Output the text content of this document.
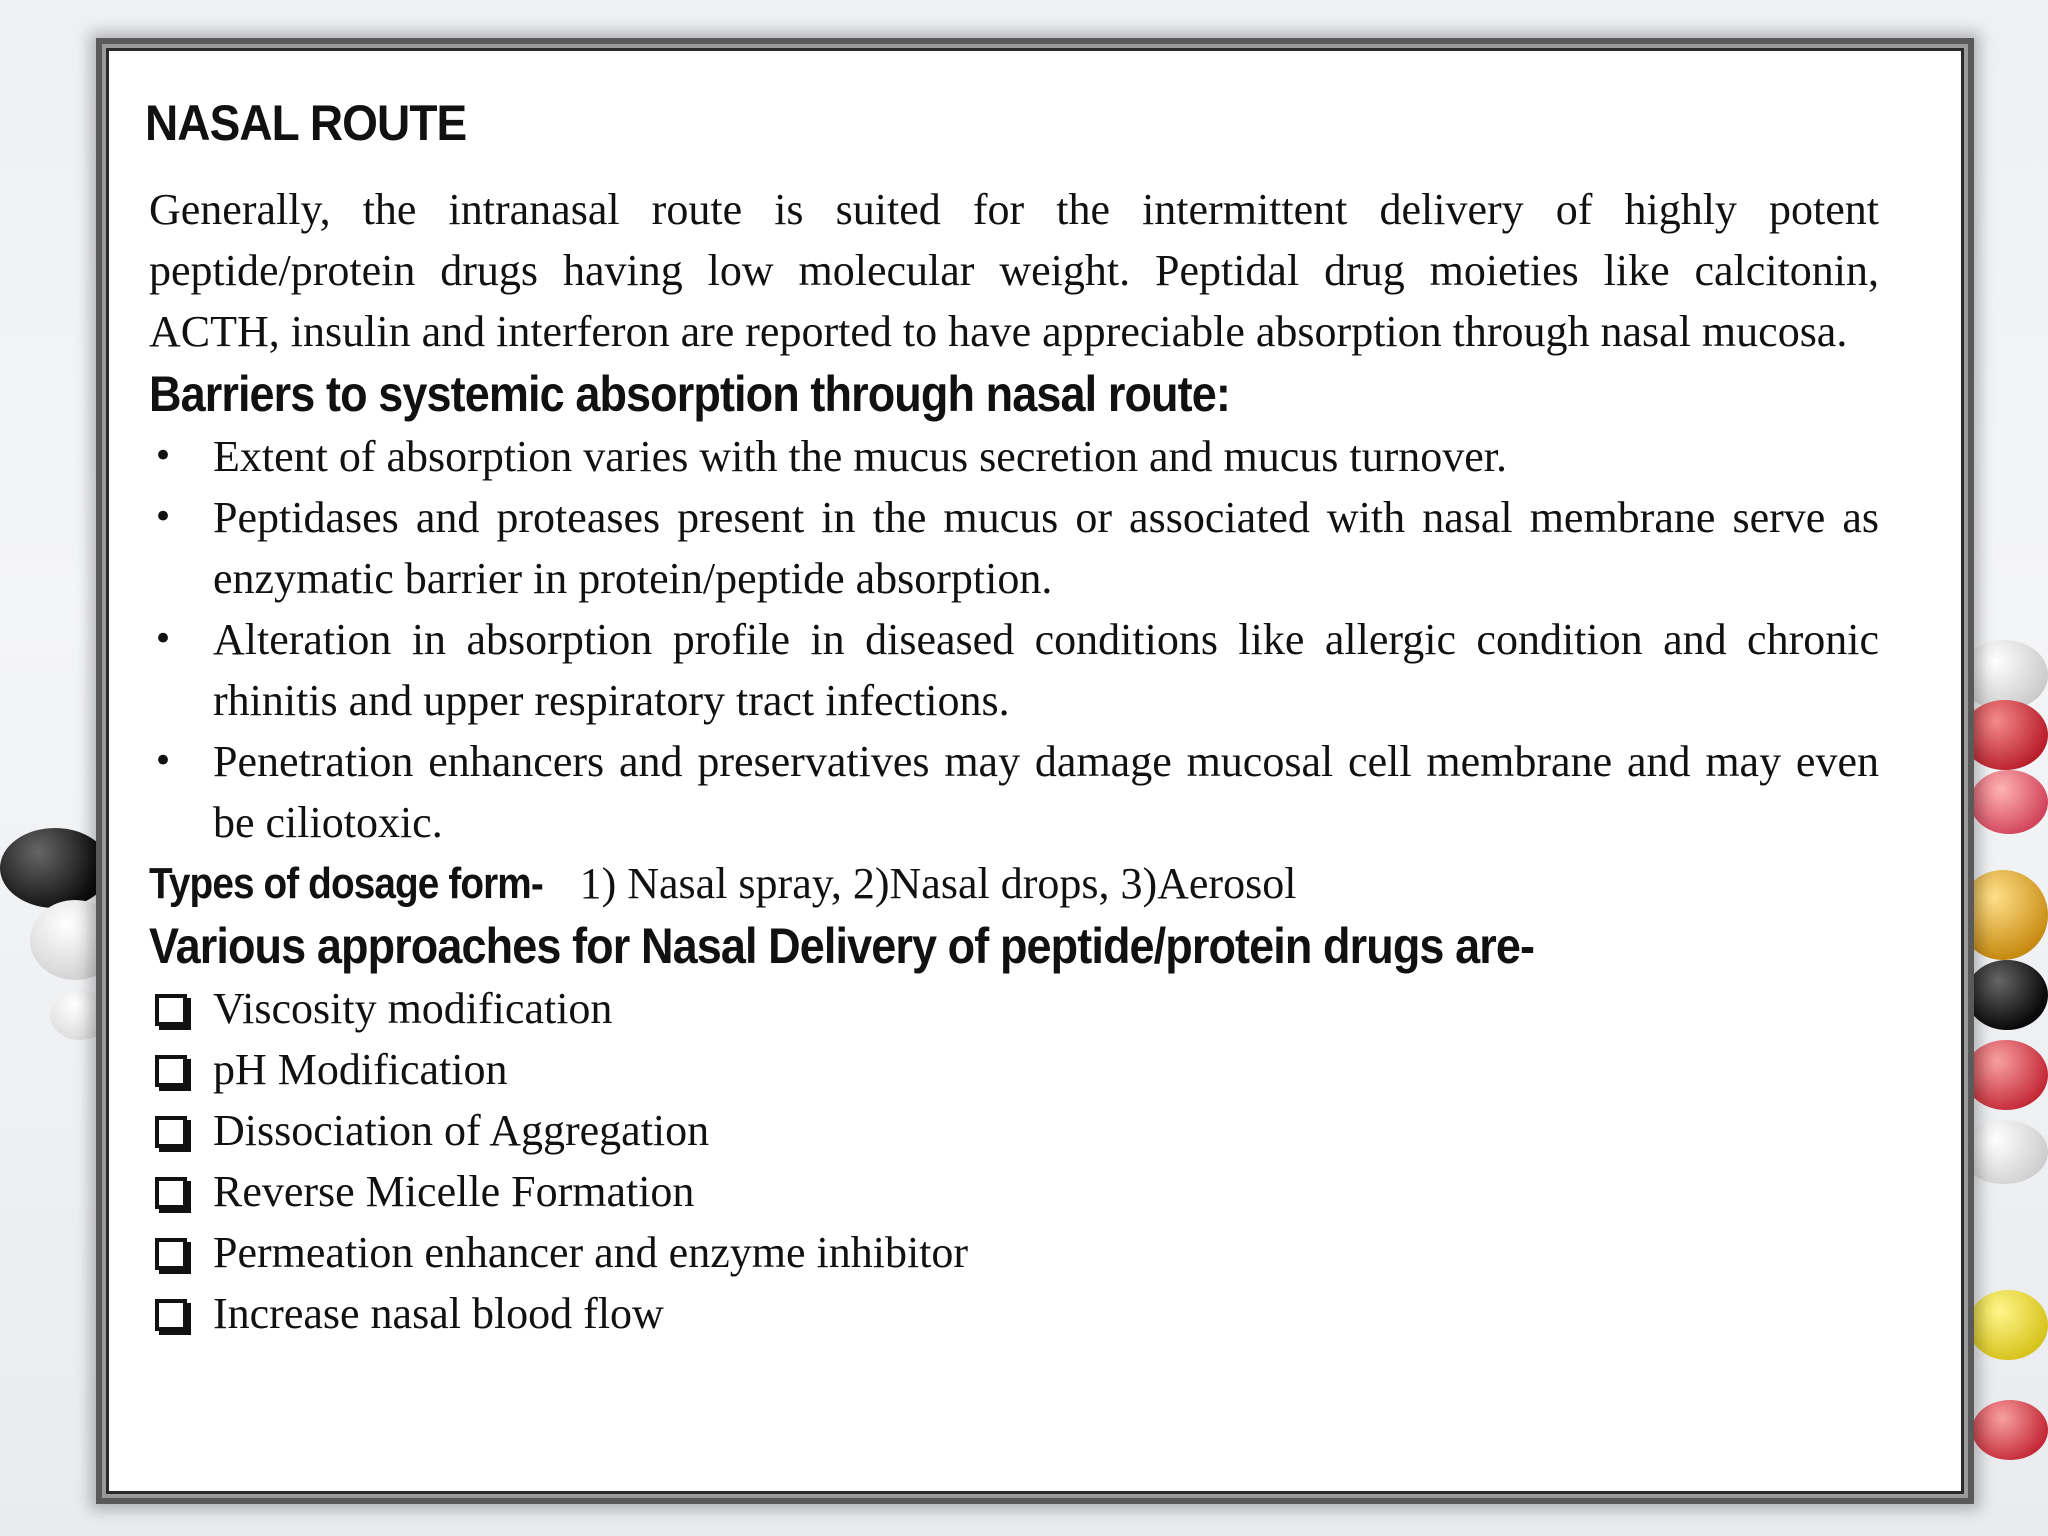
NASAL ROUTE

Generally, the intranasal route is suited for the intermittent delivery of highly potent peptide/protein drugs having low molecular weight. Peptidal drug moieties like calcitonin, ACTH, insulin and interferon are reported to have appreciable absorption through nasal mucosa.

Barriers to systemic absorption through nasal route:
• Extent of absorption varies with the mucus secretion and mucus turnover.
• Peptidases and proteases present in the mucus or associated with nasal membrane serve as enzymatic barrier in protein/peptide absorption.
• Alteration in absorption profile in diseased conditions like allergic condition and chronic rhinitis and upper respiratory tract infections.
• Penetration enhancers and preservatives may damage mucosal cell membrane and may even be ciliotoxic.

Types of dosage form- 1) Nasal spray, 2)Nasal drops, 3)Aerosol

Various approaches for Nasal Delivery of peptide/protein drugs are-
Viscosity modification
pH Modification
Dissociation of Aggregation
Reverse Micelle Formation
Permeation enhancer and enzyme inhibitor
Increase nasal blood flow
